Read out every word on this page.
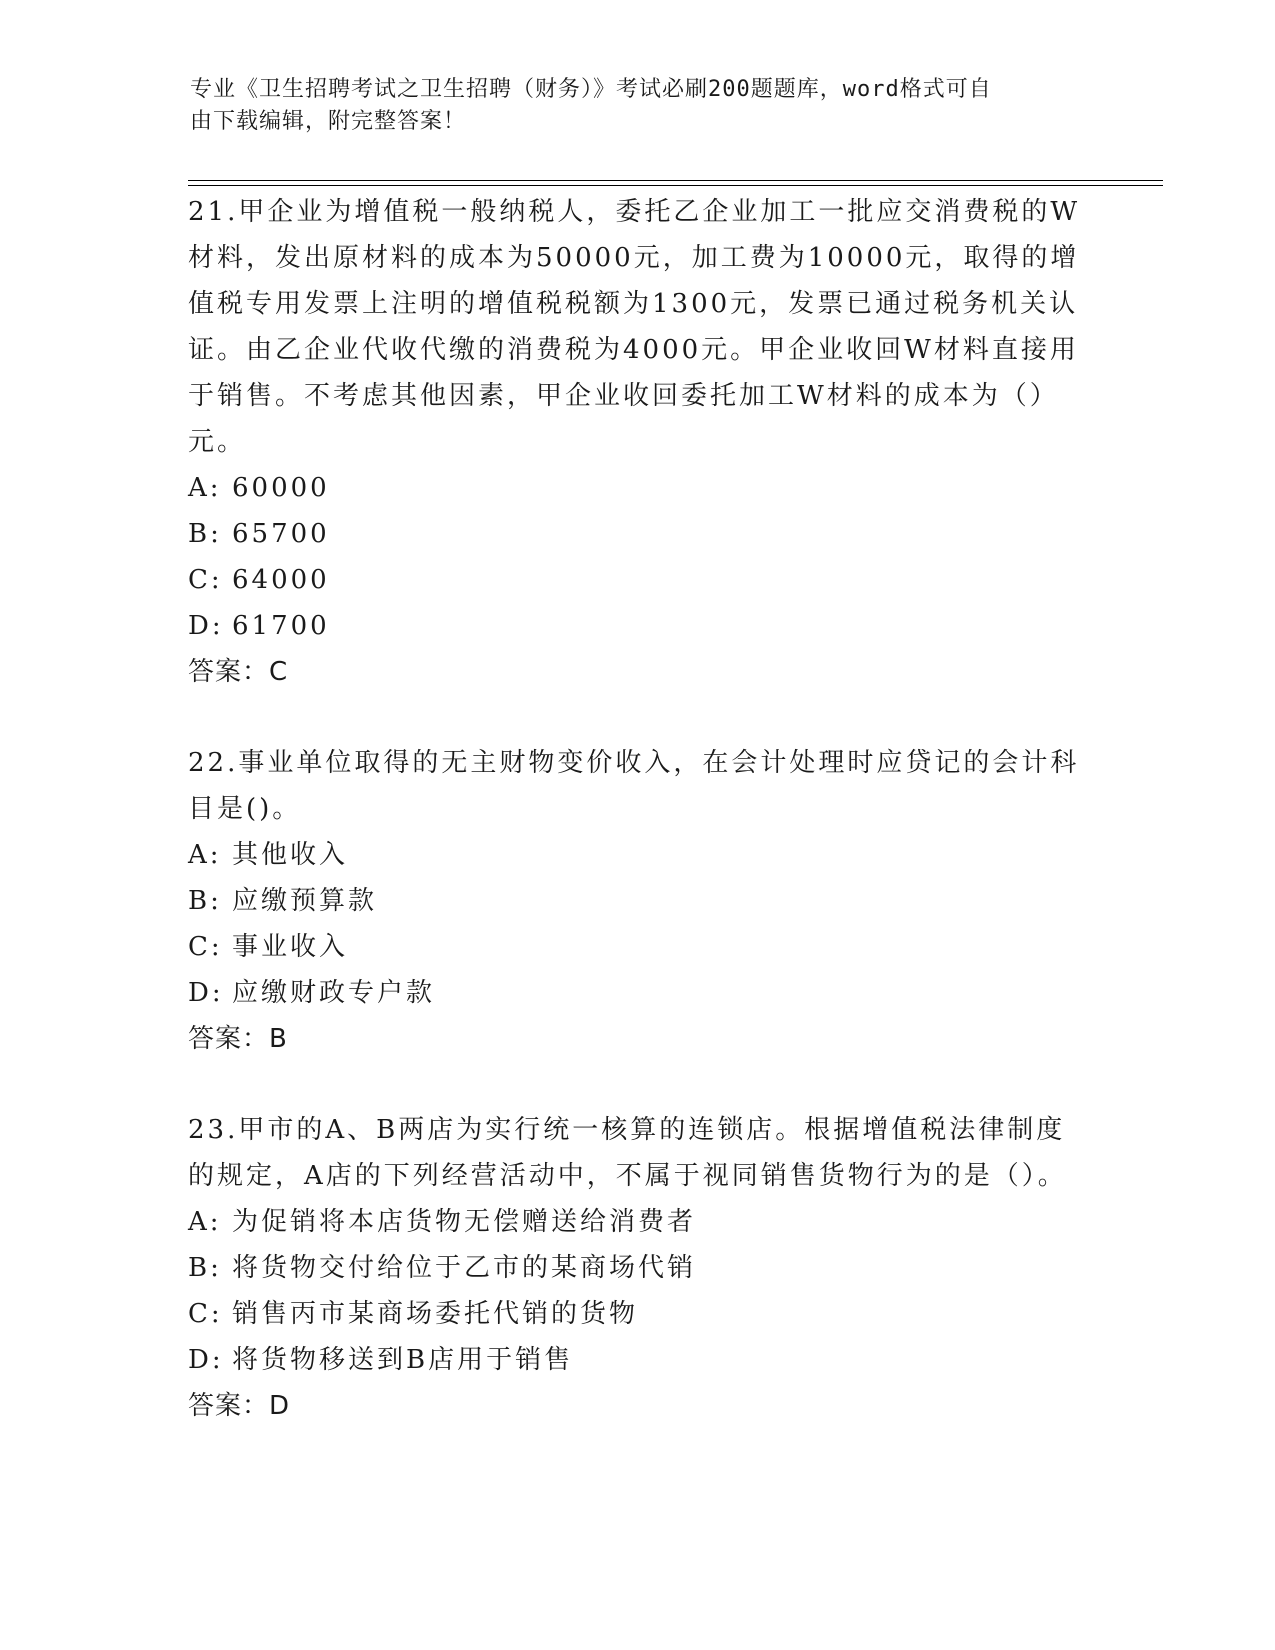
专业《卫生招聘考试之卫生招聘（财务）》考试必刷200题题库，word格式可自
由下载编辑，附完整答案！

21.甲企业为增值税一般纳税人，委托乙企业加工一批应交消费税的W材料，发出原材料的成本为50000元，加工费为10000元，取得的增值税专用发票上注明的增值税税额为1300元，发票已通过税务机关认证。由乙企业代收代缴的消费税为4000元。甲企业收回W材料直接用于销售。不考虑其他因素，甲企业收回委托加工W材料的成本为（）元。

A: 60000

B: 65700

C: 64000

D: 61700

答案：C

22.事业单位取得的无主财物变价收入，在会计处理时应贷记的会计科目是()。

A: 其他收入

B: 应缴预算款

C: 事业收入

D: 应缴财政专户款

答案：B

23.甲市的A、B两店为实行统一核算的连锁店。根据增值税法律制度的规定，A店的下列经营活动中，不属于视同销售货物行为的是（）。

A: 为促销将本店货物无偿赠送给消费者

B: 将货物交付给位于乙市的某商场代销

C: 销售丙市某商场委托代销的货物

D: 将货物移送到B店用于销售

答案：D
